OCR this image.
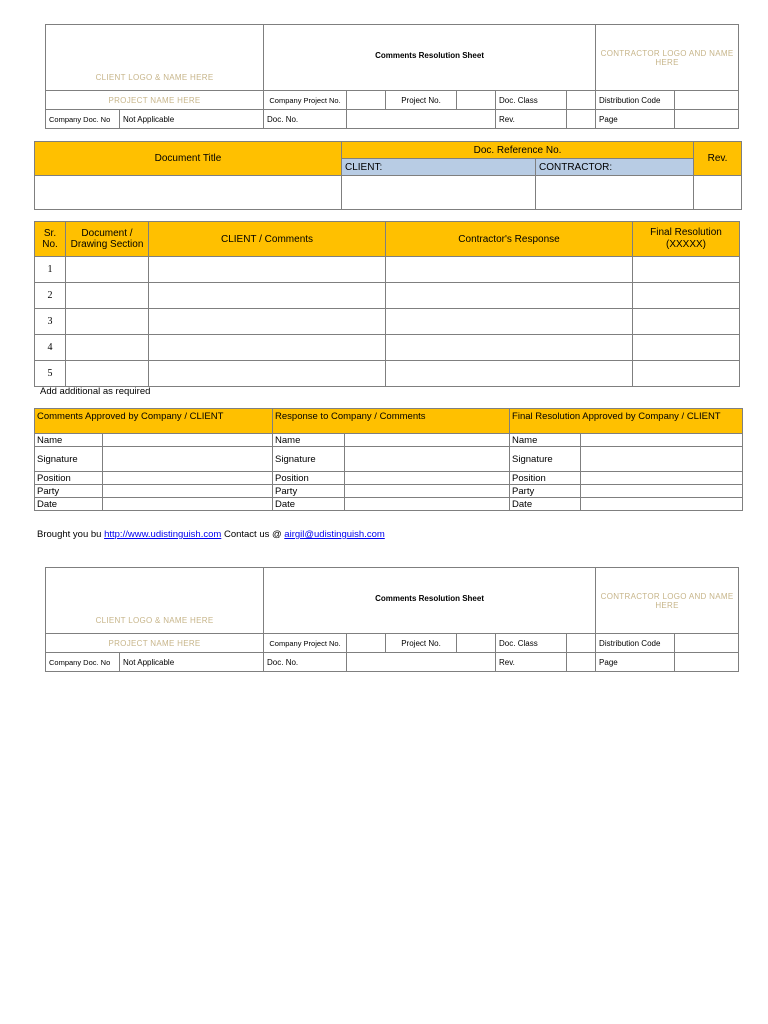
CLIENT LOGO & NAME HERE		Comments Resolution Sheet						CONTRACTOR LOGO AND NAME HERE	
PROJECT NAME HERE		Company Project No.		Project No.		Doc. Class		Distribution Code	
Company Doc. No	Not Applicable	Doc. No.				Rev.		Page	
Document Title	Doc. Reference No.		Rev.
	CLIENT:	CONTRACTOR:	

Sr. No.	Document / Drawing Section	CLIENT / Comments	Contractor's Response	Final Resolution (XXXXX)
1				
2				
3				
4				
5				
Add additional as required
Comments Approved by Company / CLIENT		Response to Company / Comments		Final Resolution Approved by Company / CLIENT	
Name		Name		Name	
Signature		Signature		Signature	
Position		Position		Position	
Party		Party		Party	
Date		Date		Date	
Brought you bu http://www.udistinguish.com Contact us @ airgil@udistinguish.com
CLIENT LOGO & NAME HERE		Comments Resolution Sheet						CONTRACTOR LOGO AND NAME HERE	
PROJECT NAME HERE		Company Project No.		Project No.		Doc. Class		Distribution Code	
Company Doc. No	Not Applicable	Doc. No.				Rev.		Page	
